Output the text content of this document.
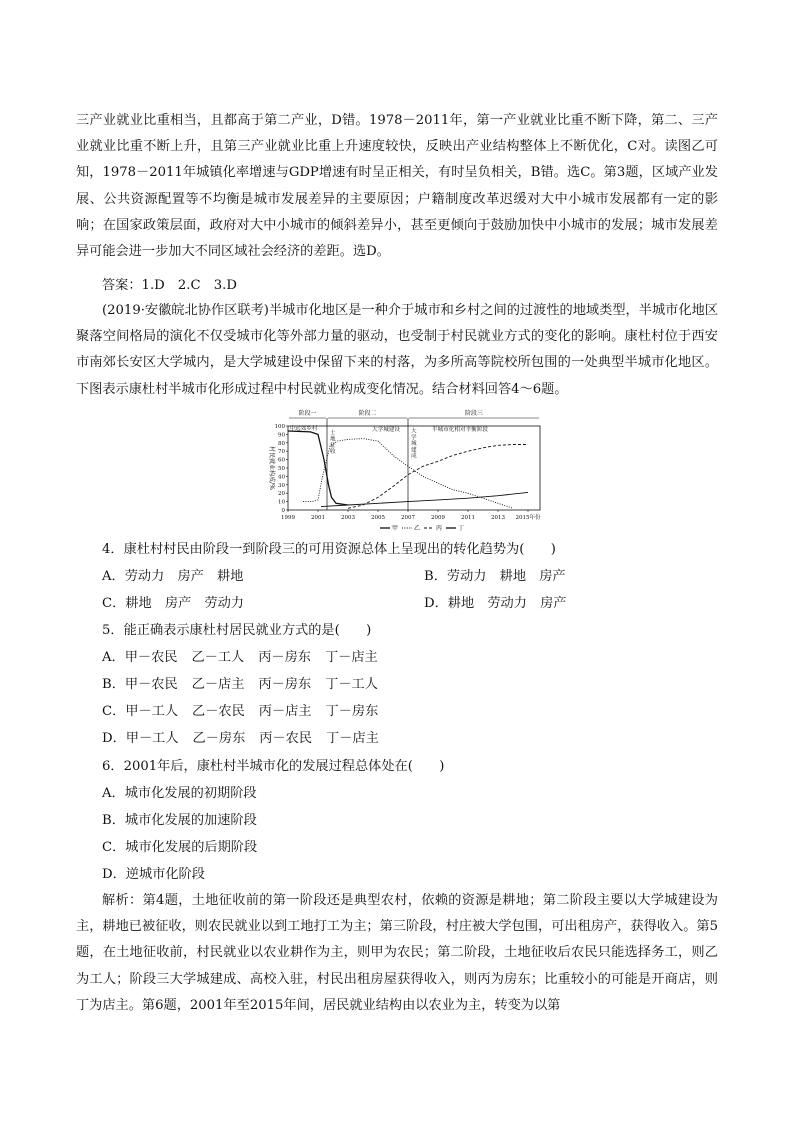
三产业就业比重相当，且都高于第二产业，D错。1978－2011年，第一产业就业比重不断下降，第二、三产业就业比重不断上升，且第三产业就业比重上升速度较快，反映出产业结构整体上不断优化，C对。读图乙可知，1978－2011年城镇化率增速与GDP增速有时呈正相关，有时呈负相关，B错。选C。第3题，区域产业发展、公共资源配置等不均衡是城市发展差异的主要原因；户籍制度改革迟缓对大中小城市发展都有一定的影响；在国家政策层面，政府对大中小城市的倾斜差异小，甚至更倾向于鼓励加快中小城市的发展；城市发展差异可能会进一步加大不同区域社会经济的差距。选D。

答案：1.D　2.C　3.D

(2019·安徽皖北协作区联考)半城市化地区是一种介于城市和乡村之间的过渡性的地域类型，半城市化地区聚落空间格局的演化不仅受城市化等外部力量的驱动，也受制于村民就业方式的变化的影响。康杜村位于西安市南郊长安区大学城内，是大学城建设中保留下来的村落，为多所高等院校所包围的一处典型半城市化地区。下图表示康杜村半城市化形成过程中村民就业构成变化情况。结合材料回答4～6题。

0
10
20
30
40
50
60
70
80
90
100
1999	2001	2003	2005	2007	2009	2011	2013 2015年份
村民就业构成/%
阶段一	阶段二	阶段三
中远郊乡村
土
地
征
收
大学城建设 大
学
城
建
成
半城市化相对平衡阶段
甲	乙	丙	丁
4．康杜村村民由阶段一到阶段三的可用资源总体上呈现出的转化趋势为(　　)
A．劳动力　房产　耕地	B．劳动力　耕地　房产
C．耕地　房产　劳动力	D．耕地　劳动力　房产
5．能正确表示康杜村居民就业方式的是(　　)
A．甲－农民 乙－工人 丙－房东 丁－店主
B．甲－农民 乙－店主 丙－房东 丁－工人
C．甲－工人 乙－农民 丙－店主 丁－房东
D．甲－工人 乙－房东 丙－农民 丁－店主
6．2001年后，康杜村半城市化的发展过程总体处在(　　)
A．城市化发展的初期阶段
B．城市化发展的加速阶段
C．城市化发展的后期阶段
D．逆城市化阶段

解析：第4题，土地征收前的第一阶段还是典型农村，依赖的资源是耕地；第二阶段主要以大学城建设为主，耕地已被征收，则农民就业以到工地打工为主；第三阶段，村庄被大学包围，可出租房产，获得收入。第5题，在土地征收前，村民就业以农业耕作为主，则甲为农民；第二阶段，土地征收后农民只能选择务工，则乙为工人；阶段三大学城建成、高校入驻，村民出租房屋获得收入，则丙为房东；比重较小的可能是开商店，则丁为店主。第6题，2001年至2015年间，居民就业结构由以农业为主，转变为以第
